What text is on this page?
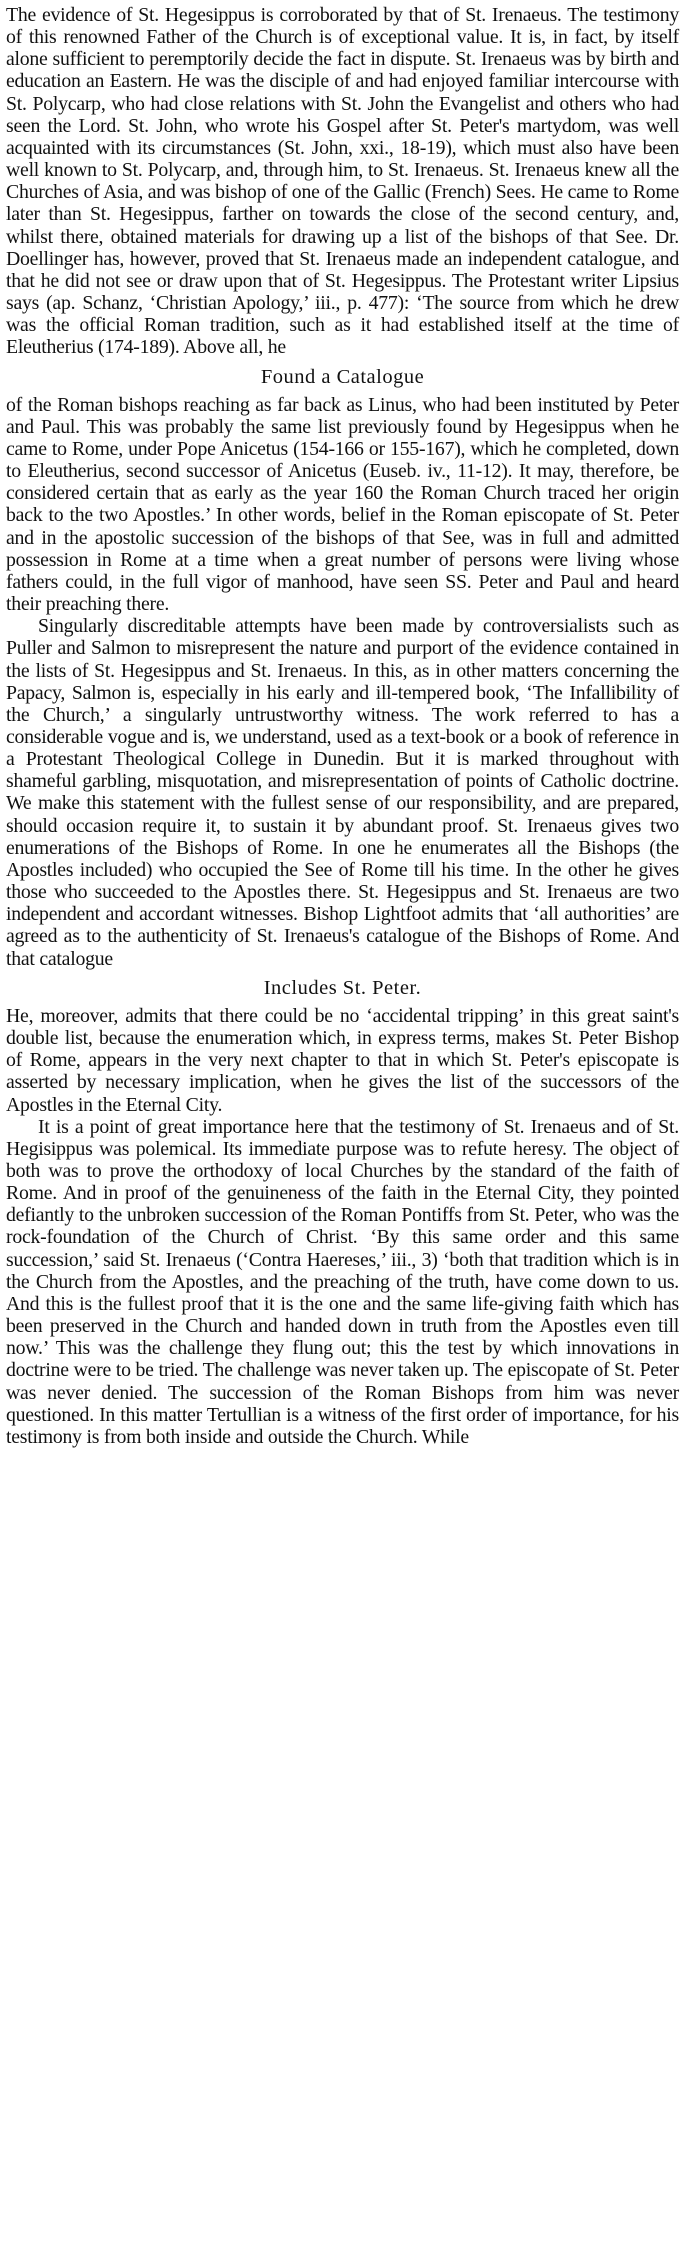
The evidence of St. Hegesippus is corroborated by that of St. Irenaeus. The testimony of this renowned Father of the Church is of exceptional value. It is, in fact, by itself alone sufficient to peremptorily decide the fact in dispute. St. Irenaeus was by birth and education an Eastern. He was the disciple of and had enjoyed familiar intercourse with St. Polycarp, who had close relations with St. John the Evangelist and others who had seen the Lord. St. John, who wrote his Gospel after St. Peter's martydom, was well acquainted with its circumstances (St. John, xxi., 18-19), which must also have been well known to St. Polycarp, and, through him, to St. Irenaeus. St. Irenaeus knew all the Churches of Asia, and was bishop of one of the Gallic (French) Sees. He came to Rome later than St. Hegesippus, farther on towards the close of the second century, and, whilst there, obtained materials for drawing up a list of the bishops of that See. Dr. Doellinger has, however, proved that St. Irenaeus made an independent catalogue, and that he did not see or draw upon that of St. Hegesippus. The Protestant writer Lipsius says (ap. Schanz, ‘Christian Apology,’ iii., p. 477): ‘The source from which he drew was the official Roman tradition, such as it had established itself at the time of Eleutherius (174-189). Above all, he

Found a Catalogue

of the Roman bishops reaching as far back as Linus, who had been instituted by Peter and Paul. This was probably the same list previously found by Hegesippus when he came to Rome, under Pope Anicetus (154-166 or 155-167), which he completed, down to Eleutherius, second successor of Anicetus (Euseb. iv., 11-12). It may, therefore, be considered certain that as early as the year 160 the Roman Church traced her origin back to the two Apostles.’ In other words, belief in the Roman episcopate of St. Peter and in the apostolic succession of the bishops of that See, was in full and admitted possession in Rome at a time when a great number of persons were living whose fathers could, in the full vigor of manhood, have seen SS. Peter and Paul and heard their preaching there.

Singularly discreditable attempts have been made by controversialists such as Puller and Salmon to misrepresent the nature and purport of the evidence contained in the lists of St. Hegesippus and St. Irenaeus. In this, as in other matters concerning the Papacy, Salmon is, especially in his early and ill-tempered book, ‘The Infallibility of the Church,’ a singularly untrustworthy witness. The work referred to has a considerable vogue and is, we understand, used as a text-book or a book of reference in a Protestant Theological College in Dunedin. But it is marked throughout with shameful garbling, misquotation, and misrepresentation of points of Catholic doctrine. We make this statement with the fullest sense of our responsibility, and are prepared, should occasion require it, to sustain it by abundant proof. St. Irenaeus gives two enumerations of the Bishops of Rome. In one he enumerates all the Bishops (the Apostles included) who occupied the See of Rome till his time. In the other he gives those who succeeded to the Apostles there. St. Hegesippus and St. Irenaeus are two independent and accordant witnesses. Bishop Lightfoot admits that ‘all authorities’ are agreed as to the authenticity of St. Irenaeus's catalogue of the Bishops of Rome. And that catalogue

Includes St. Peter.

He, moreover, admits that there could be no ‘accidental tripping’ in this great saint's double list, because the enumeration which, in express terms, makes St. Peter Bishop of Rome, appears in the very next chapter to that in which St. Peter's episcopate is asserted by necessary implication, when he gives the list of the successors of the Apostles in the Eternal City.

It is a point of great importance here that the testimony of St. Irenaeus and of St. Hegisippus was polemical. Its immediate purpose was to refute heresy. The object of both was to prove the orthodoxy of local Churches by the standard of the faith of Rome. And in proof of the genuineness of the faith in the Eternal City, they pointed defiantly to the unbroken succession of the Roman Pontiffs from St. Peter, who was the rock-foundation of the Church of Christ. ‘By this same order and this same succession,’ said St. Irenaeus (‘Contra Haereses,’ iii., 3) ‘both that tradition which is in the Church from the Apostles, and the preaching of the truth, have come down to us. And this is the fullest proof that it is the one and the same life-giving faith which has been preserved in the Church and handed down in truth from the Apostles even till now.’ This was the challenge they flung out; this the test by which innovations in doctrine were to be tried. The challenge was never taken up. The episcopate of St. Peter was never denied. The succession of the Roman Bishops from him was never questioned. In this matter Tertullian is a witness of the first order of importance, for his testimony is from both inside and outside the Church. While
